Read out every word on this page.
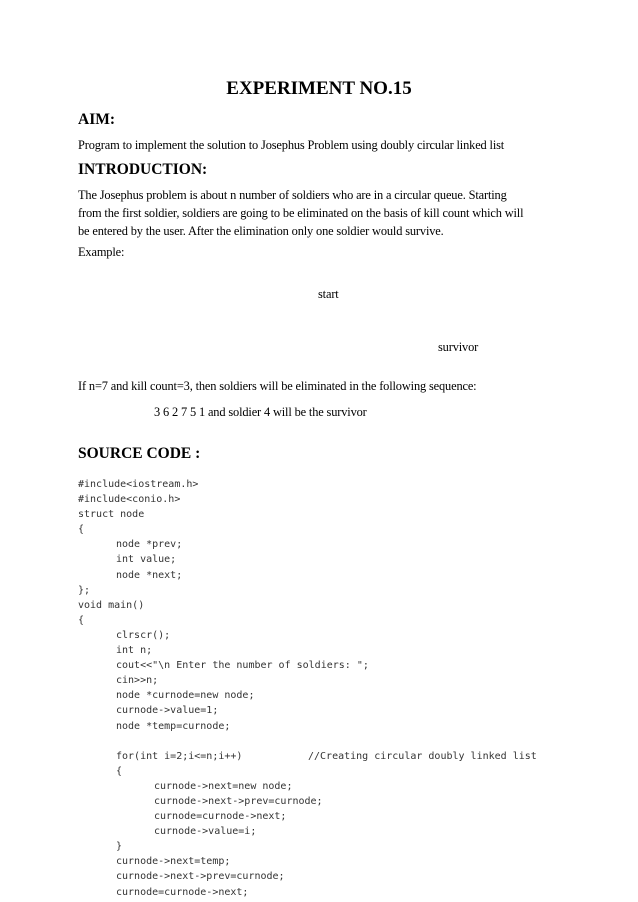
EXPERIMENT NO.15
AIM:
Program to implement the solution to Josephus Problem using doubly circular linked list
INTRODUCTION:
The Josephus problem is about n number of soldiers who are in a circular queue. Starting
from the first soldier, soldiers are going to be eliminated on the basis of kill count which will
be entered by the user. After the elimination only one soldier would survive.
Example:
start
survivor
If n=7 and kill count=3, then soldiers will be eliminated in the following sequence:
3 6 2 7 5 1 and soldier 4 will be the survivor
SOURCE CODE :
#include<iostream.h>
#include<conio.h>
struct node
{
node *prev;
int value;
node *next;
};
void main()
{
clrscr();
int n;
cout<<"\n Enter the number of soldiers: ";
cin>>n;
node *curnode=new node;
curnode->value=1;
node *temp=curnode;
for(int i=2;i<=n;i++)	//Creating circular doubly linked list
{
curnode->next=new node;
curnode->next->prev=curnode;
curnode=curnode->next;
curnode->value=i;
}
curnode->next=temp;
curnode->next->prev=curnode;
curnode=curnode->next;
